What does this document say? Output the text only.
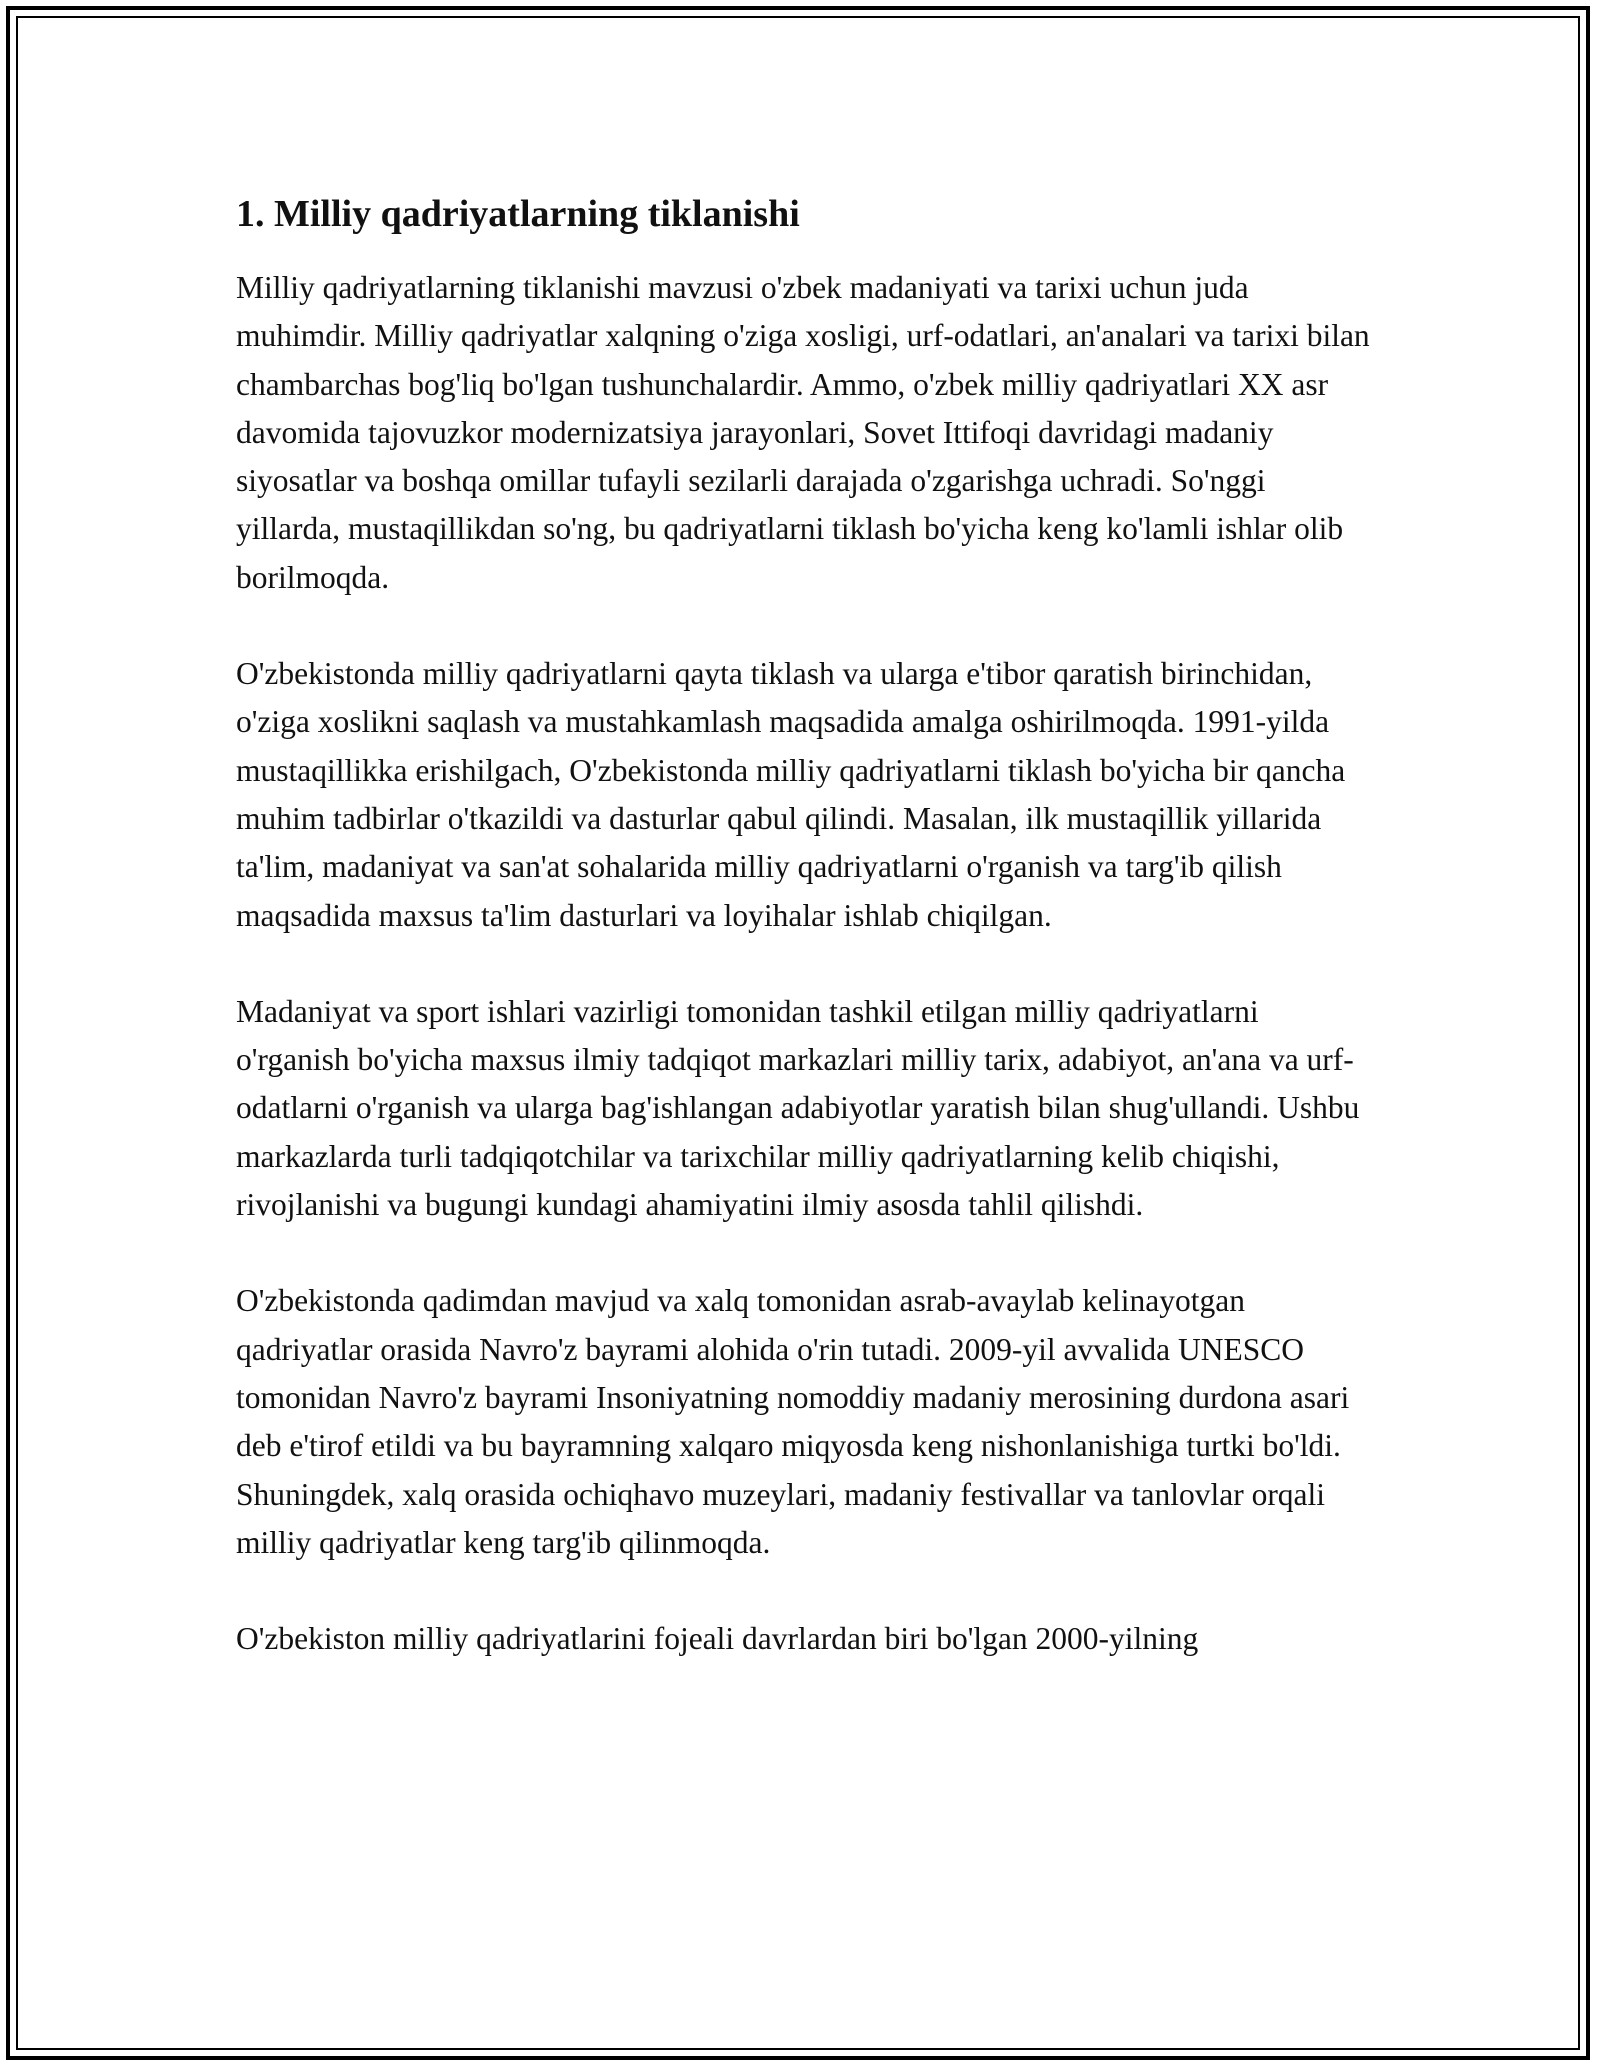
1. Milliy qadriyatlarning tiklanishi

Milliy qadriyatlarning tiklanishi mavzusi o'zbek madaniyati va tarixi uchun juda muhimdir. Milliy qadriyatlar xalqning o'ziga xosligi, urf-odatlari, an'analari va tarixi bilan chambarchas bog'liq bo'lgan tushunchalardir. Ammo, o'zbek milliy qadriyatlari XX asr davomida tajovuzkor modernizatsiya jarayonlari, Sovet Ittifoqi davridagi madaniy siyosatlar va boshqa omillar tufayli sezilarli darajada o'zgarishga uchradi. So'nggi yillarda, mustaqillikdan so'ng, bu qadriyatlarni tiklash bo'yicha keng ko'lamli ishlar olib borilmoqda.

O'zbekistonda milliy qadriyatlarni qayta tiklash va ularga e'tibor qaratish birinchidan, o'ziga xoslikni saqlash va mustahkamlash maqsadida amalga oshirilmoqda. 1991-yilda mustaqillikka erishilgach, O'zbekistonda milliy qadriyatlarni tiklash bo'yicha bir qancha muhim tadbirlar o'tkazildi va dasturlar qabul qilindi. Masalan, ilk mustaqillik yillarida ta'lim, madaniyat va san'at sohalarida milliy qadriyatlarni o'rganish va targ'ib qilish maqsadida maxsus ta'lim dasturlari va loyihalar ishlab chiqilgan.

Madaniyat va sport ishlari vazirligi tomonidan tashkil etilgan milliy qadriyatlarni o'rganish bo'yicha maxsus ilmiy tadqiqot markazlari milliy tarix, adabiyot, an'ana va urf-odatlarni o'rganish va ularga bag'ishlangan adabiyotlar yaratish bilan shug'ullandi. Ushbu markazlarda turli tadqiqotchilar va tarixchilar milliy qadriyatlarning kelib chiqishi, rivojlanishi va bugungi kundagi ahamiyatini ilmiy asosda tahlil qilishdi.

O'zbekistonda qadimdan mavjud va xalq tomonidan asrab-avaylab kelinayotgan qadriyatlar orasida Navro'z bayrami alohida o'rin tutadi. 2009-yil avvalida UNESCO tomonidan Navro'z bayrami Insoniyatning nomoddiy madaniy merosining durdona asari deb e'tirof etildi va bu bayramning xalqaro miqyosda keng nishonlanishiga turtki bo'ldi. Shuningdek, xalq orasida ochiqhavo muzeylari, madaniy festivallar va tanlovlar orqali milliy qadriyatlar keng targ'ib qilinmoqda.

O'zbekiston milliy qadriyatlarini fojeali davrlardan biri bo'lgan 2000-yilning
